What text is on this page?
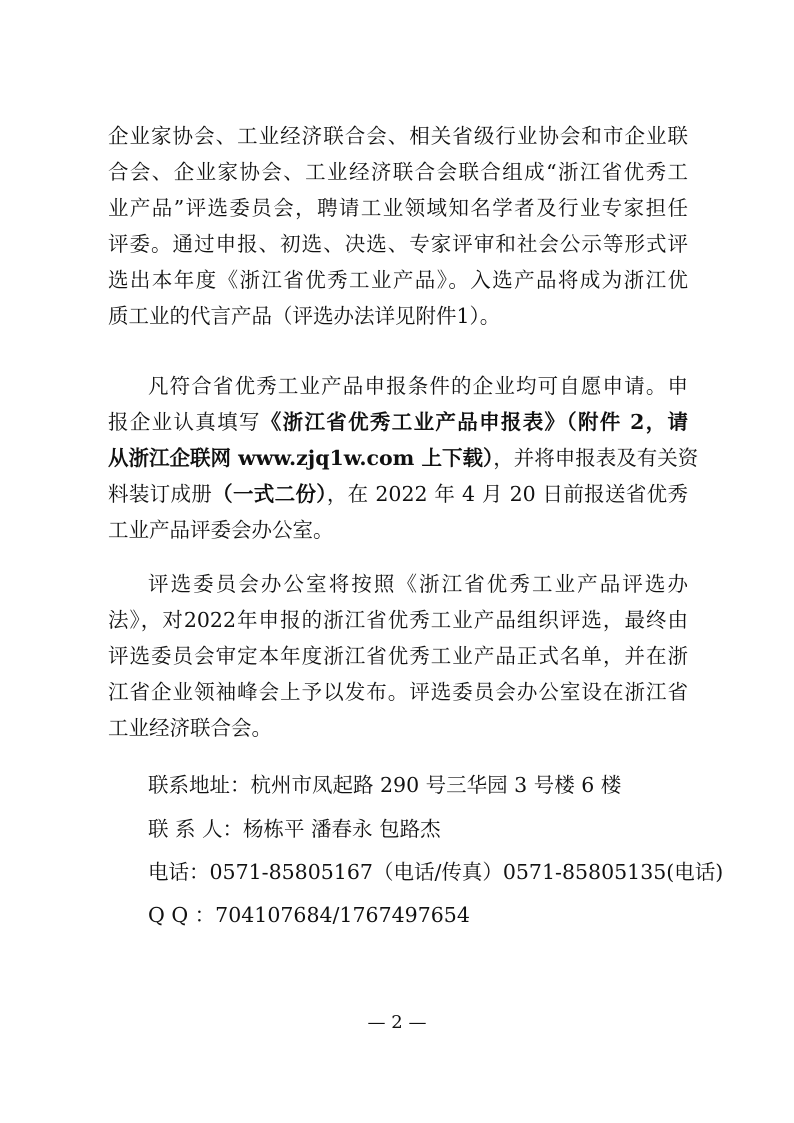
企业家协会、工业经济联合会、相关省级行业协会和市企业联
合会、企业家协会、工业经济联合会联合组成“浙江省优秀工
业产品”评选委员会，聘请工业领域知名学者及行业专家担任
评委。通过申报、初选、决选、专家评审和社会公示等形式评
选出本年度《浙江省优秀工业产品》。入选产品将成为浙江优
质工业的代言产品（评选办法详见附件1）。
凡符合省优秀工业产品申报条件的企业均可自愿申请。申
报企业认真填写《浙江省优秀工业产品申报表》（附件 2，请
从浙江企联网 www.zjq1w.com 上下载），并将申报表及有关资
料装订成册（一式二份），在 2022 年 4 月 20 日前报送省优秀
工业产品评委会办公室。
评选委员会办公室将按照《浙江省优秀工业产品评选办
法》，对2022年申报的浙江省优秀工业产品组织评选，最终由
评选委员会审定本年度浙江省优秀工业产品正式名单，并在浙
江省企业领袖峰会上予以发布。评选委员会办公室设在浙江省
工业经济联合会。
联系地址：杭州市凤起路 290 号三华园 3 号楼 6 楼
联 系 人：杨栋平 潘春永 包路杰
电话：0571-85805167（电话/传真）0571-85805135(电话)
Q Q ：704107684/1767497654
— 2 —
